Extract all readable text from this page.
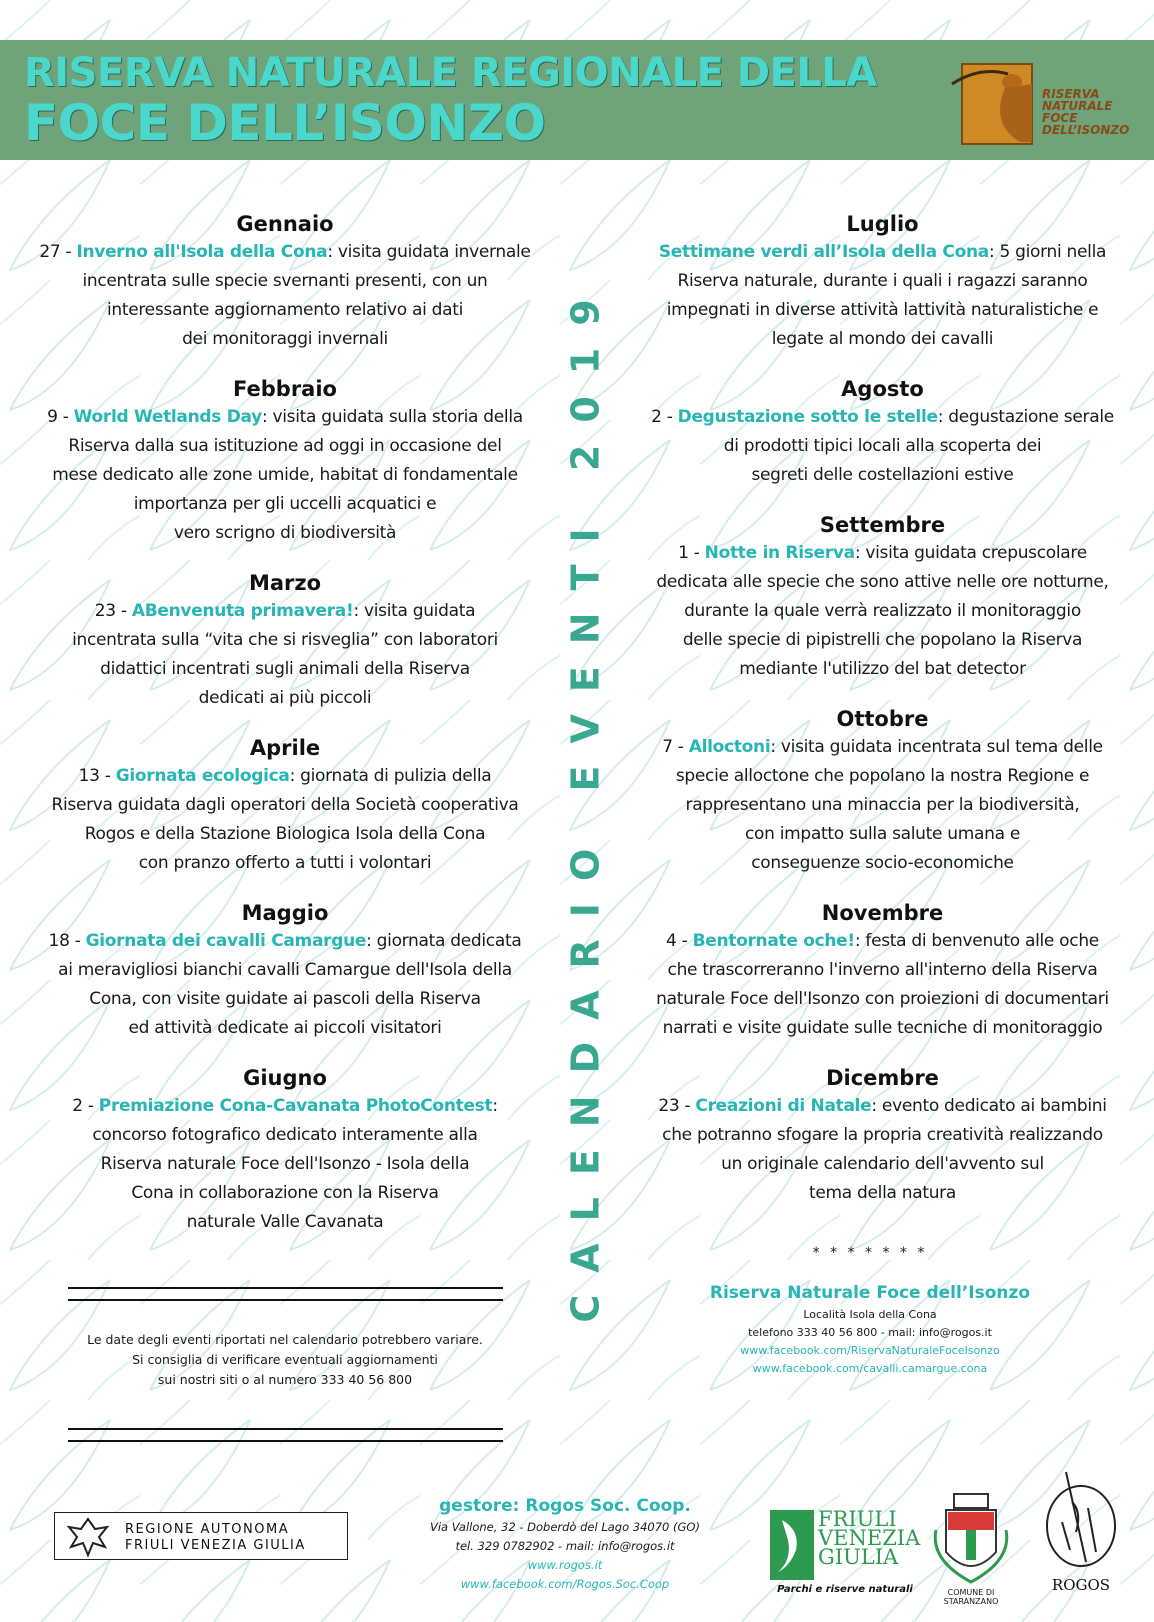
RISERVA NATURALE REGIONALE DELLA
FOCE DELL’ISONZO	RISERVA NATURALE FOCE DELL’ISONZO
CALENDARIO EVENTI 2019
Gennaio

27 - Inverno all'Isola della Cona: visita guidata invernale

incentrata sulle specie svernanti presenti, con un

interessante aggiornamento relativo ai dati

dei monitoraggi invernali

Febbraio

9 - World Wetlands Day: visita guidata sulla storia della

Riserva dalla sua istituzione ad oggi in occasione del

mese dedicato alle zone umide, habitat di fondamentale

importanza per gli uccelli acquatici e

vero scrigno di biodiversità

Marzo

23 - ABenvenuta primavera!: visita guidata

incentrata sulla “vita che si risveglia” con laboratori

didattici incentrati sugli animali della Riserva

dedicati ai più piccoli

Aprile

13 - Giornata ecologica: giornata di pulizia della

Riserva guidata dagli operatori della Società cooperativa

Rogos e della Stazione Biologica Isola della Cona

con pranzo offerto a tutti i volontari

Maggio

18 - Giornata dei cavalli Camargue: giornata dedicata

ai meravigliosi bianchi cavalli Camargue dell'Isola della

Cona, con visite guidate ai pascoli della Riserva

ed attività dedicate ai piccoli visitatori

Giugno

2 - Premiazione Cona-Cavanata PhotoContest:

concorso fotografico dedicato interamente alla

Riserva naturale Foce dell'Isonzo - Isola della

Cona in collaborazione con la Riserva

naturale Valle Cavanata

Luglio

Settimane verdi all’Isola della Cona: 5 giorni nella

Riserva naturale, durante i quali i ragazzi saranno

impegnati in diverse attività lattività naturalistiche e

legate al mondo dei cavalli

Agosto

2 - Degustazione sotto le stelle: degustazione serale

di prodotti tipici locali alla scoperta dei

segreti delle costellazioni estive

Settembre

1 - Notte in Riserva: visita guidata crepuscolare

dedicata alle specie che sono attive nelle ore notturne,

durante la quale verrà realizzato il monitoraggio

delle specie di pipistrelli che popolano la Riserva

mediante l'utilizzo del bat detector

Ottobre

7 - Alloctoni: visita guidata incentrata sul tema delle

specie alloctone che popolano la nostra Regione e

rappresentano una minaccia per la biodiversità,

con impatto sulla salute umana e

conseguenze socio-economiche

Novembre

4 - Bentornate oche!: festa di benvenuto alle oche

che trascorreranno l'inverno all'interno della Riserva

naturale Foce dell'Isonzo con proiezioni di documentari

narrati e visite guidate sulle tecniche di monitoraggio

Dicembre

23 - Creazioni di Natale: evento dedicato ai bambini

che potranno sfogare la propria creatività realizzando

un originale calendario dell'avvento sul

tema della natura

Le date degli eventi riportati nel calendario potrebbero variare.
Si consiglia di verificare eventuali aggiornamenti
sui nostri siti o al numero 333 40 56 800
* * * * * * *
Riserva Naturale Foce dell’Isonzo
Località Isola della Cona
telefono 333 40 56 800 - mail: info@rogos.it
www.facebook.com/RiservaNaturaleFoceIsonzo
www.facebook.com/cavalli.camargue.cona
REGIONE AUTONOMA
FRIULI VENEZIA GIULIA
gestore: Rogos Soc. Coop.
Via Vallone, 32 - Doberdò del Lago 34070 (GO)
tel. 329 0782902 - mail: info@rogos.it
www.rogos.it
www.facebook.com/Rogos.Soc.Coop
FRIULI
VENEZIA
GIULIA
Parchi e riserve naturali	COMUNE DI STARANZANO
ROGOS
